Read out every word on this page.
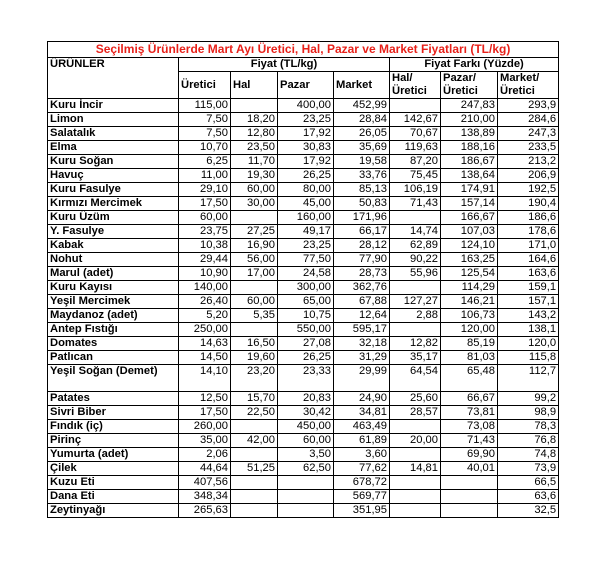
Seçilmiş Ürünlerde Mart Ayı Üretici, Hal, Pazar ve Market Fiyatları (TL/kg)							
ÜRÜNLER	Fiyat (TL/kg)				Fiyat Farkı (Yüzde)		
	Üretici	Hal	Pazar	Market	Hal/ Üretici	Pazar/ Üretici	Market/ Üretici
Kuru İncir	115,00		400,00	452,99		247,83	293,9
Limon	7,50	18,20	23,25	28,84	142,67	210,00	284,6
Salatalık	7,50	12,80	17,92	26,05	70,67	138,89	247,3
Elma	10,70	23,50	30,83	35,69	119,63	188,16	233,5
Kuru Soğan	6,25	11,70	17,92	19,58	87,20	186,67	213,2
Havuç	11,00	19,30	26,25	33,76	75,45	138,64	206,9
Kuru Fasulye	29,10	60,00	80,00	85,13	106,19	174,91	192,5
Kırmızı Mercimek	17,50	30,00	45,00	50,83	71,43	157,14	190,4
Kuru Üzüm	60,00		160,00	171,96		166,67	186,6
Y. Fasulye	23,75	27,25	49,17	66,17	14,74	107,03	178,6
Kabak	10,38	16,90	23,25	28,12	62,89	124,10	171,0
Nohut	29,44	56,00	77,50	77,90	90,22	163,25	164,6
Marul (adet)	10,90	17,00	24,58	28,73	55,96	125,54	163,6
Kuru Kayısı	140,00		300,00	362,76		114,29	159,1
Yeşil Mercimek	26,40	60,00	65,00	67,88	127,27	146,21	157,1
Maydanoz (adet)	5,20	5,35	10,75	12,64	2,88	106,73	143,2
Antep Fıstığı	250,00		550,00	595,17		120,00	138,1
Domates	14,63	16,50	27,08	32,18	12,82	85,19	120,0
Patlıcan	14,50	19,60	26,25	31,29	35,17	81,03	115,8
Yeşil Soğan (Demet)	14,10	23,20	23,33	29,99	64,54	65,48	112,7
Patates	12,50	15,70	20,83	24,90	25,60	66,67	99,2
Sivri Biber	17,50	22,50	30,42	34,81	28,57	73,81	98,9
Fındık (iç)	260,00		450,00	463,49		73,08	78,3
Pirinç	35,00	42,00	60,00	61,89	20,00	71,43	76,8
Yumurta (adet)	2,06		3,50	3,60		69,90	74,8
Çilek	44,64	51,25	62,50	77,62	14,81	40,01	73,9
Kuzu Eti	407,56			678,72			66,5
Dana Eti	348,34			569,77			63,6
Zeytinyağı	265,63			351,95			32,5
